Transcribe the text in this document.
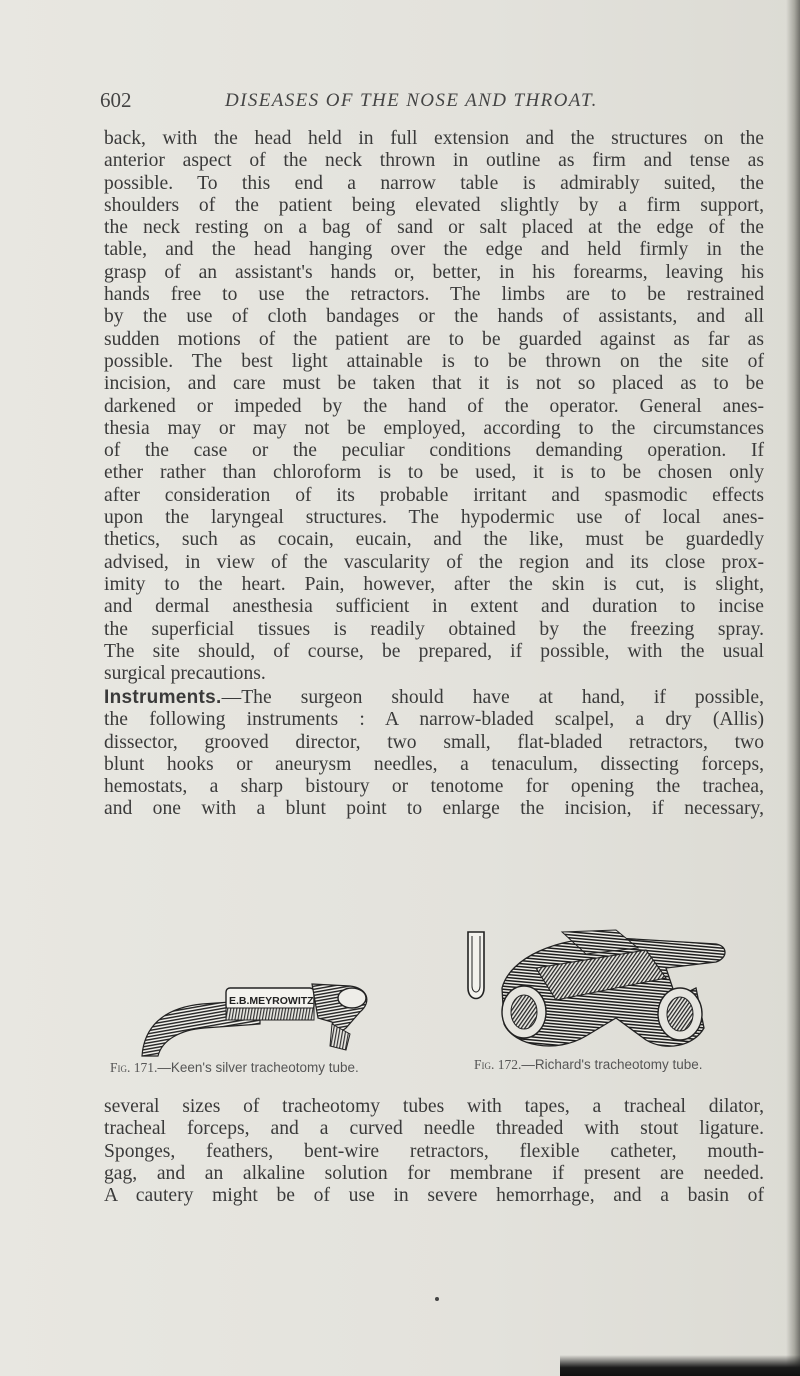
602	DISEASES OF THE NOSE AND THROAT.
back, with the head held in full extension and the structures on the
anterior aspect of the neck thrown in outline as firm and tense as
possible. To this end a narrow table is admirably suited, the
shoulders of the patient being elevated slightly by a firm support,
the neck resting on a bag of sand or salt placed at the edge of the
table, and the head hanging over the edge and held firmly in the
grasp of an assistant's hands or, better, in his forearms, leaving his
hands free to use the retractors. The limbs are to be restrained
by the use of cloth bandages or the hands of assistants, and all
sudden motions of the patient are to be guarded against as far as
possible. The best light attainable is to be thrown on the site of
incision, and care must be taken that it is not so placed as to be
darkened or impeded by the hand of the operator. General anes-
thesia may or may not be employed, according to the circumstances
of the case or the peculiar conditions demanding operation. If
ether rather than chloroform is to be used, it is to be chosen only
after consideration of its probable irritant and spasmodic effects
upon the laryngeal structures. The hypodermic use of local anes-
thetics, such as cocain, eucain, and the like, must be guardedly
advised, in view of the vascularity of the region and its close prox-
imity to the heart. Pain, however, after the skin is cut, is slight,
and dermal anesthesia sufficient in extent and duration to incise
the superficial tissues is readily obtained by the freezing spray.
The site should, of course, be prepared, if possible, with the usual
surgical precautions.
Instruments.—The surgeon should have at hand, if possible,
the following instruments : A narrow-bladed scalpel, a dry (Allis)
dissector, grooved director, two small, flat-bladed retractors, two
blunt hooks or aneurysm needles, a tenaculum, dissecting forceps,
hemostats, a sharp bistoury or tenotome for opening the trachea,
and one with a blunt point to enlarge the incision, if necessary,
E.B.MEYROWITZ
Fig. 171.—Keen's silver tracheotomy tube.	Fig. 172.—Richard's tracheotomy tube.
several sizes of tracheotomy tubes with tapes, a tracheal dilator,
tracheal forceps, and a curved needle threaded with stout ligature.
Sponges, feathers, bent-wire retractors, flexible catheter, mouth-
gag, and an alkaline solution for membrane if present are needed.
A cautery might be of use in severe hemorrhage, and a basin of
